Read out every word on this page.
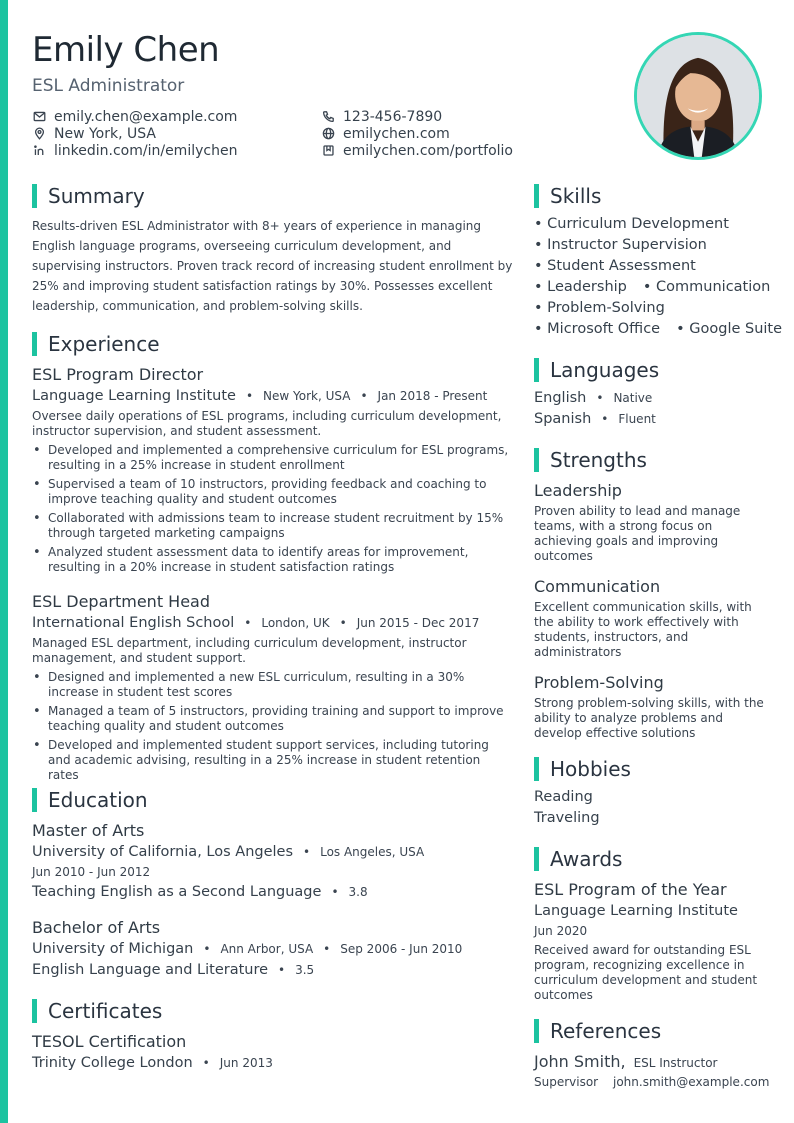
Emily Chen
ESL Administrator
emily.chen@example.com
New York, USA
linkedin.com/in/emilychen
123-456-7890
emilychen.com
emilychen.com/portfolio
Summary

Results-driven ESL Administrator with 8+ years of experience in managing English language programs, overseeing curriculum development, and supervising instructors. Proven track record of increasing student enrollment by 25% and improving student satisfaction ratings by 30%. Possesses excellent leadership, communication, and problem-solving skills.

Experience
ESL Program Director
Language Learning Institute • New York, USA • Jan 2018 - Present

Oversee daily operations of ESL programs, including curriculum development, instructor supervision, and student assessment.

• Developed and implemented a comprehensive curriculum for ESL programs, resulting in a 25% increase in student enrollment
• Supervised a team of 10 instructors, providing feedback and coaching to improve teaching quality and student outcomes
• Collaborated with admissions team to increase student recruitment by 15% through targeted marketing campaigns
• Analyzed student assessment data to identify areas for improvement, resulting in a 20% increase in student satisfaction ratings
ESL Department Head
International English School • London, UK • Jun 2015 - Dec 2017

Managed ESL department, including curriculum development, instructor management, and student support.

• Designed and implemented a new ESL curriculum, resulting in a 30% increase in student test scores
• Managed a team of 5 instructors, providing training and support to improve teaching quality and student outcomes
• Developed and implemented student support services, including tutoring and academic advising, resulting in a 25% increase in student retention rates
Education
Master of Arts
University of California, Los Angeles • Los Angeles, USA
Jun 2010 - Jun 2012
Teaching English as a Second Language • 3.8
Bachelor of Arts
University of Michigan • Ann Arbor, USA • Sep 2006 - Jun 2010
English Language and Literature • 3.5
Certificates
TESOL Certification
Trinity College London • Jun 2013
Skills
• Curriculum Development
• Instructor Supervision
• Student Assessment
• Leadership • Communication
• Problem-Solving
• Microsoft Office • Google Suite
Languages
English • Native
Spanish • Fluent
Strengths
Leadership

Proven ability to lead and manage teams, with a strong focus on achieving goals and improving outcomes

Communication

Excellent communication skills, with the ability to work effectively with students, instructors, and administrators

Problem-Solving

Strong problem-solving skills, with the ability to analyze problems and develop effective solutions

Hobbies
Reading
Traveling
Awards
ESL Program of the Year
Language Learning Institute
Jun 2020

Received award for outstanding ESL program, recognizing excellence in curriculum development and student outcomes

References
John Smith, ESL Instructor
Supervisor john.smith@example.com
